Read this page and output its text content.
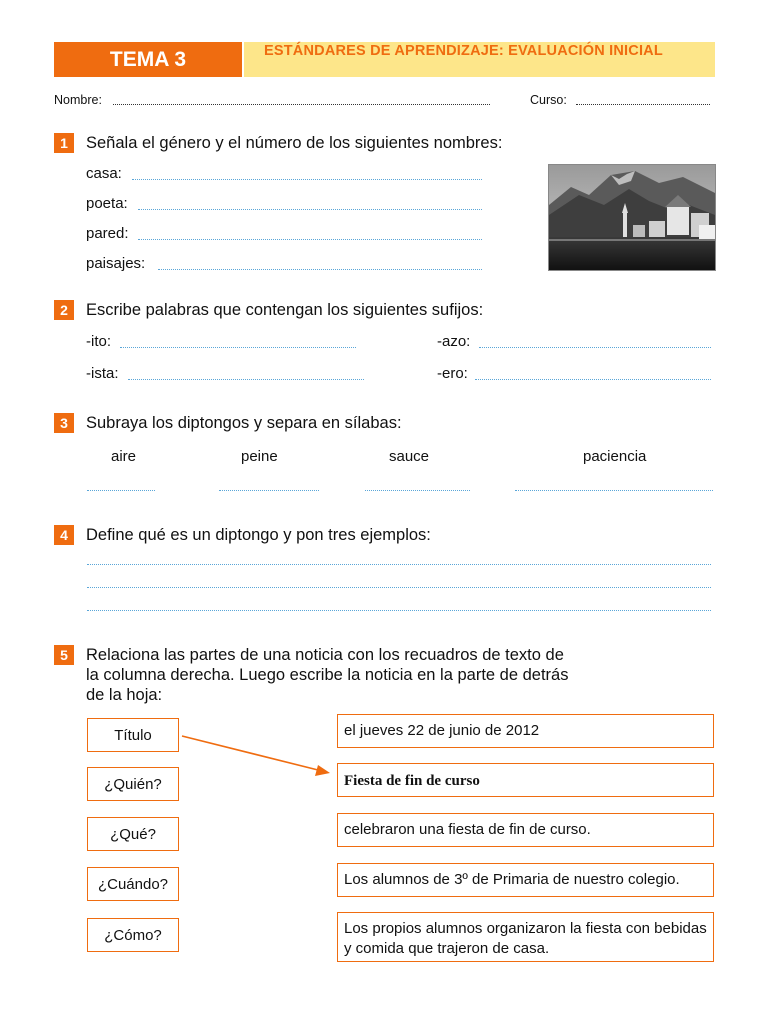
TEMA 3	ESTÁNDARES DE APRENDIZAJE: EVALUACIÓN INICIAL
Nombre:	Curso:
1	Señala el género y el número de los siguientes nombres:
casa:
poeta:
pared:
paisajes:
2	Escribe palabras que contengan los siguientes sufijos:
-ito:	-azo:
-ista:	-ero:
3	Subraya los diptongos y separa en sílabas:
aire	peine	sauce	paciencia
4	Define qué es un diptongo y pon tres ejemplos:
5	Relaciona las partes de una noticia con los recuadros de texto de
la columna derecha. Luego escribe la noticia en la parte de detrás
de la hoja:
Título
¿Quién?
¿Qué?
¿Cuándo?
¿Cómo?
el jueves 22 de junio de 2012
Fiesta de fin de curso
celebraron una fiesta de fin de curso.
Los alumnos de 3º de Primaria de nuestro colegio.
Los propios alumnos organizaron la fiesta con bebidas y comida que trajeron de casa.
